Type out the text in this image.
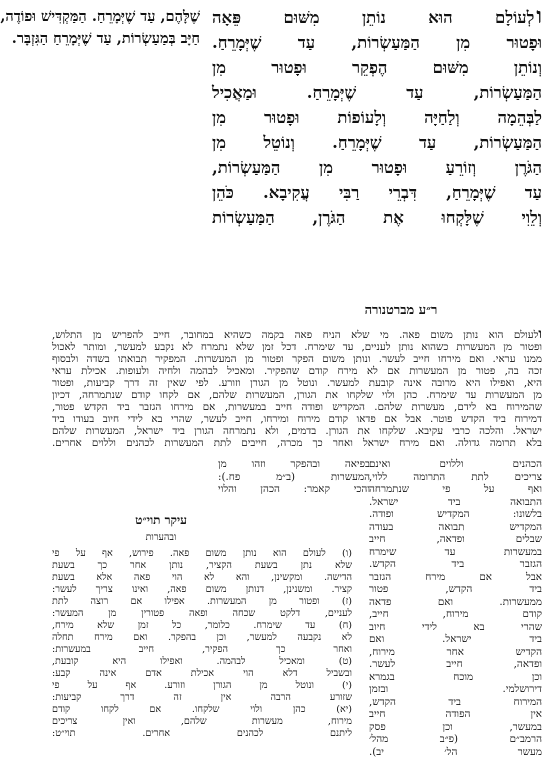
ולְעוֹלָם הוּא נוֹתֵן מִשּׁוּם פֵּאָה
וּפָטוּר מִן הַמַּעַשְׂרוֹת, עַד שֶׁיְּמָרֵחַ.
וְנוֹתֵן מִשּׁוּם הֶפְקֵר וּפָטוּר מִן
הַמַּעַשְׂרוֹת, עַד שֶׁיְּמָרֵחַ. וּמַאֲכִיל
לַבְּהֵמָה וְלַחַיָּה וְלָעוֹפוֹת וּפָטוּר מִן
הַמַּעַשְׂרוֹת, עַד שֶׁיְּמָרֵחַ. וְנוֹטֵל מִן
הַגֹּרֶן וְזוֹרֵעַ וּפָטוּר מִן הַמַּעַשְׂרוֹת,
עַד שֶׁיְּמָרֵחַ, דִּבְרֵי רַבִּי עֲקִיבָא. כֹּהֵן
וְלֵוִי שֶׁלָּקְחוּ אֶת הַגֹּרֶן, הַמַּעַשְׂרוֹת
שֶׁלָּהֶם, עַד שֶׁיְּמָרֵחַ. הַמַּקְדִּישׁ וּפוֹדֶה,
חַיָּב בְּמַעַשְׂרוֹת, עַד שֶׁיְּמָרֵחַ הַגִּזְבָּר.
ר״ע מברטנורה
ולעולם הוא נותן משום פאה. מי שלא הניח פאה בקמה כשהיא במחובר, חייב להפריש מן התלוש,
ופטור מן המעשרות כשהוא נותן לעניים, עד שימרח. דכל זמן שלא נתמרח לא נקבע למעשר, ומותר לאכול
ממנו עראי. ואם מירחו חייב לעשר. ונותן משום הפקר ופטור מן המעשרות. המפקיר תבואתו בשדה ולבסוף
זכה בה, פטור מן המעשרות אם לא מירח קודם שהפקיר. ומאכיל לבהמה ולחיה ולעופות. אכילת עראי
היא, ואפילו היא מרובה אינה קובעת למעשר. ונוטל מן הגורן וזורע. לפי שאין זה דרך קביעות, ופטור
מן המעשרות עד שימרח. כהן ולוי שלקחו את הגורן, המעשרות שלהם, אם לקחו קודם שנתמרחה, דכיון
שהמירוח בא לידם, מעשרות שלהם. המקדיש ופודה חייב במעשרות, אם מירחו הגזבר ביד הקדש פטור,
דמירוח ביד הקדש פוטר. אבל אם פדאו קודם מירוח ומירחו, חייב לעשר, שהרי בא לידי חיוב בעודו ביד
ישראל. והלכה כרבי עקיבא. שלקחו את הגורן. בדמים, ולא נתמרחה הגורן ביד ישראל, המעשרות שלהם
בלא תרומה גדולה. ואם מירח ישראל ואחר כך מכרה, חייבים לתת המעשרות לכהנים וללוים אחרים.
הכהנים וללוים ואינם
צריכים לתת התרומה ללוי,
ואף על פי שנתמרחה
התבואה ביד ישראל.
בלשונו: המקדיש ופודה.
המקדיש תבואה בעודה
שבלים ופדאה, חייב
במעשרות עד שימרח
הגזבר ביד הקדש.
אבל אם מירח הגזבר
ביד הקדש, פטור
ממעשרות. ואם פדאה
קודם מירוח, חייב,
שהרי בא לידי חיוב
ביד ישראל. ואם
הקדיש אחר מירוח,
ופדאה, חייב לעשר.
וכן מוכח בגמרא
דירושלמי. ובזמן
המירוח ביד הקדש,
אין הפודה חייב
במעשר, וכן פסק
הרמב״ם (פ״ב מהל׳
מעשר הל׳ יב).
בפיאה ובהפקר וזהו מן
המעשרות (ב״מ פח.):
והכי קאמר: הכהן והלוי
עיקר תוי״ט
ובהערות
(ו) לעולם הוא נותן משום פאה. פירוש, אף על פי
שלא נתן בשעת הקציר, נותן אחר כך בשעת
הדישה. ומקשינן, והא לא הוי פאה אלא בשעת
קציר. ומשנינן, דנותן משום פאה, ואינו צריך לעשר:
(ז) ופטור מן המעשרות. אפילו אם רוצה לתת
לעניים, דלקט שכחה ופאה פטורין מן המעשר:
(ח) עד שימרח. כלומר, כל זמן שלא מירח,
לא נקבעה למעשר, וכן בהפקר. ואם מירח תחלה
ואחר כך הפקיר, חייב במעשרות:
(ט) ומאכיל לבהמה. ואפילו היא קובעת,
ובשביל דלא הוי אכילת אדם אינה קבע:
(י) ונוטל מן הגורן וזורע. אף על פי
שזורע הרבה אין זה דרך קביעות:
(יא) כהן ולוי שלקחו. אם לקחו קודם
מירוח, מעשרות שלהם, ואין צריכים
ליתנם לכהנים אחרים. תוי״ט:
